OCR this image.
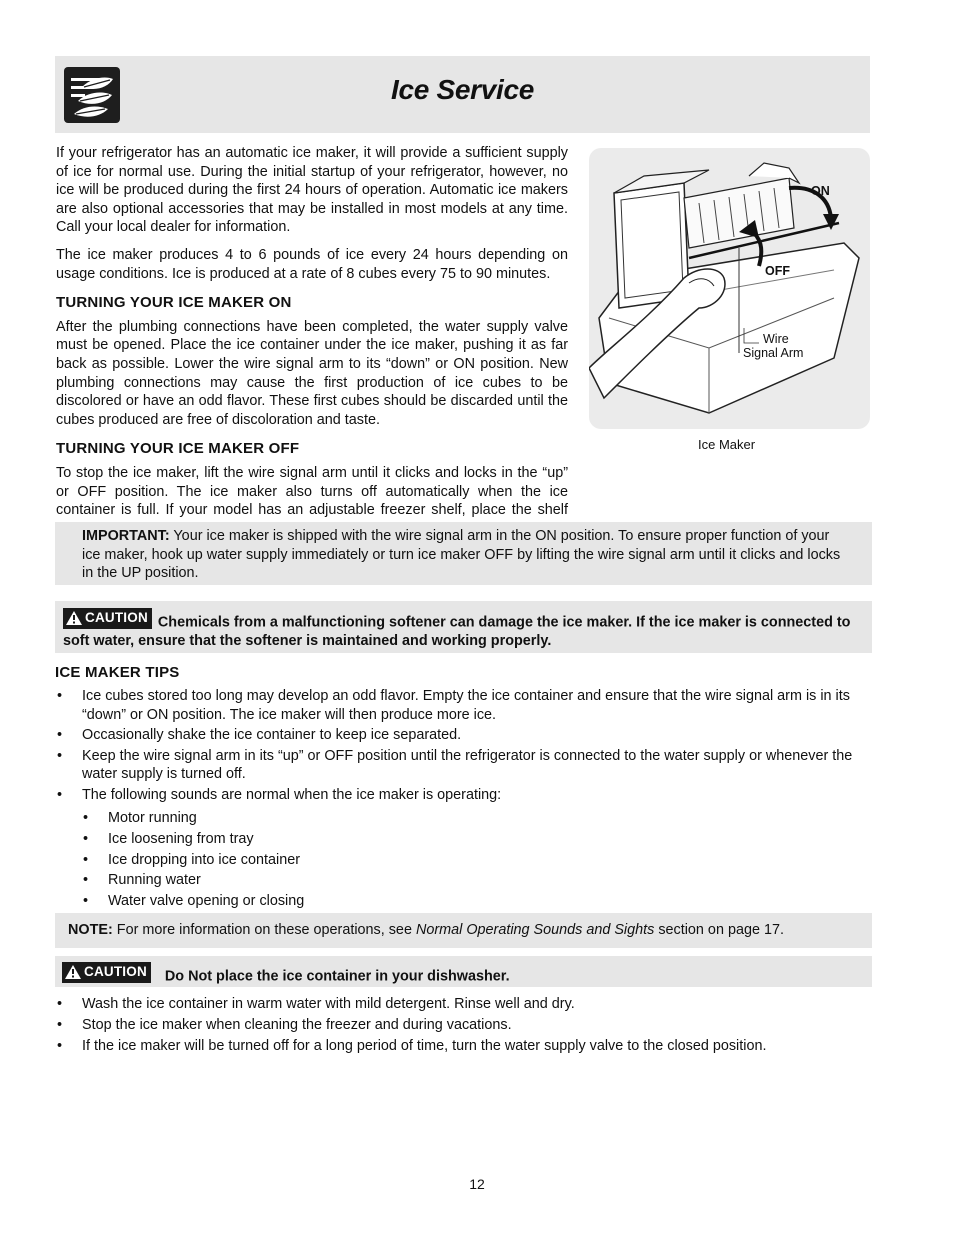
Ice Service

If your refrigerator has an automatic ice maker, it will provide a sufficient supply of ice for normal use. During the initial startup of your refrigerator, however, no ice will be produced during the first 24 hours of operation. Automatic ice makers are also optional accessories that may be installed in most models at any time. Call your local dealer for information.

The ice maker produces 4 to 6 pounds of ice every 24 hours depending on usage conditions. Ice is produced at a rate of 8 cubes every 75 to 90 minutes.

TURNING YOUR ICE MAKER ON

After the plumbing connections have been completed, the water supply valve must be opened. Place the ice container under the ice maker, pushing it as far back as possible. Lower the wire signal arm to its “down” or ON position. New plumbing connections may cause the first production of ice cubes to be discolored or have an odd flavor. These first cubes should be discarded until the cubes produced are free of discoloration and taste.

TURNING YOUR ICE MAKER OFF

To stop the ice maker, lift the wire signal arm until it clicks and locks in the “up” or OFF position. The ice maker also turns off automatically when the ice container is full. If your model has an adjustable freezer shelf, place the shelf

ON
OFF
Wire
Signal Arm
Ice Maker
IMPORTANT: Your ice maker is shipped with the wire signal arm in the ON position. To ensure proper function of your ice maker, hook up water supply immediately or turn ice maker OFF by lifting the wire signal arm until it clicks and locks in the UP position.
CAUTION Chemicals from a malfunctioning softener can damage the ice maker. If the ice maker is connected to soft water, ensure that the softener is maintained and working properly.
ICE MAKER TIPS
• Ice cubes stored too long may develop an odd flavor. Empty the ice container and ensure that the wire signal arm is in its “down” or ON position. The ice maker will then produce more ice.
• Occasionally shake the ice container to keep ice separated.
• Keep the wire signal arm in its “up” or OFF position until the refrigerator is connected to the water supply or whenever the water supply is turned off.
• The following sounds are normal when the ice maker is operating:
• Motor running
• Ice loosening from tray
• Ice dropping into ice container
• Running water
• Water valve opening or closing
NOTE: For more information on these operations, see Normal Operating Sounds and Sights section on page 17.
CAUTION Do Not place the ice container in your dishwasher.
• Wash the ice container in warm water with mild detergent. Rinse well and dry.
• Stop the ice maker when cleaning the freezer and during vacations.
• If the ice maker will be turned off for a long period of time, turn the water supply valve to the closed position.
12
